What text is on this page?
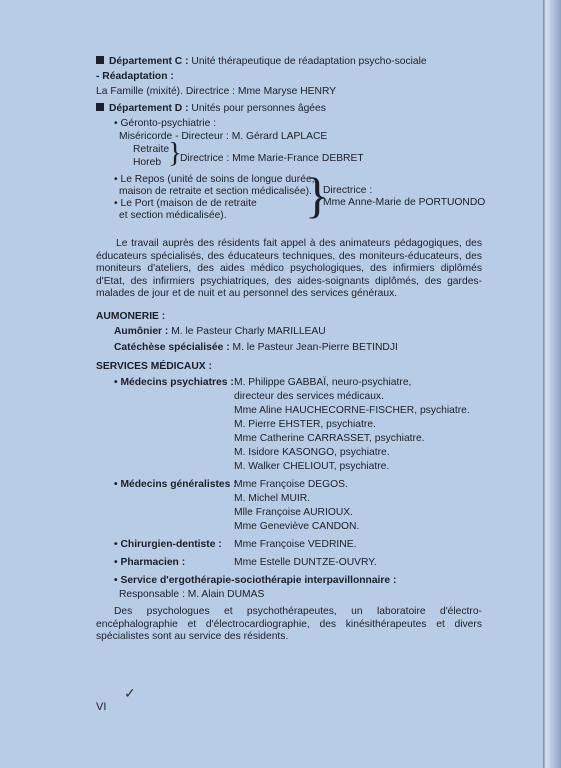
Département C : Unité thérapeutique de réadaptation psycho-sociale
- Réadaptation :
La Famille (mixité). Directrice : Mme Maryse HENRY
Département D : Unités pour personnes âgées
• Géronto-psychiatrie :
Miséricorde - Directeur : M. Gérard LAPLACE
Retraite
Horeb }
Directrice : Mme Marie-France DEBRET
• Le Repos (unité de soins de longue durée,
maison de retraite et section médicalisée).
• Le Port (maison de de retraite
et section médicalisée). }
Directrice :
Mme Anne-Marie de PORTUONDO
Le travail auprès des résidents fait appel à des animateurs pédagogiques, des éducateurs spécialisés, des éducateurs techniques, des moniteurs-éducateurs, des moniteurs d'ateliers, des aides médico psychologiques, des infirmiers diplômés d'Etat, des infirmiers psychiatriques, des aides-soignants diplômés, des gardes-malades de jour et de nuit et au personnel des services généraux.
AUMONERIE :
Aumônier : M. le Pasteur Charly MARILLEAU
Catéchèse spécialisée : M. le Pasteur Jean-Pierre BETINDJI
SERVICES MÉDICAUX :
• Médecins psychiatres : M. Philippe GABBAÏ, neuro-psychiatre,
directeur des services médicaux.
Mme Aline HAUCHECORNE-FISCHER, psychiatre.
M. Pierre EHSTER, psychiatre.
Mme Catherine CARRASSET, psychiatre.
M. Isidore KASONGO, psychiatre.
M. Walker CHELIOUT, psychiatre.
• Médecins généralistes :
Mme Françoise DEGOS.
M. Michel MUIR.
Mlle Françoise AURIOUX.
Mme Geneviève CANDON.
• Chirurgien-dentiste : Mme Françoise VEDRINE.
• Pharmacien :	Mme Estelle DUNTZE-OUVRY.
• Service d'ergothérapie-sociothérapie interpavillonnaire :
Responsable : M. Alain DUMAS
Des psychologues et psychothérapeutes, un laboratoire d'électro-encéphalographie et d'électrocardiographie, des kinésithérapeutes et divers spécialistes sont au service des résidents.
VI
✓
